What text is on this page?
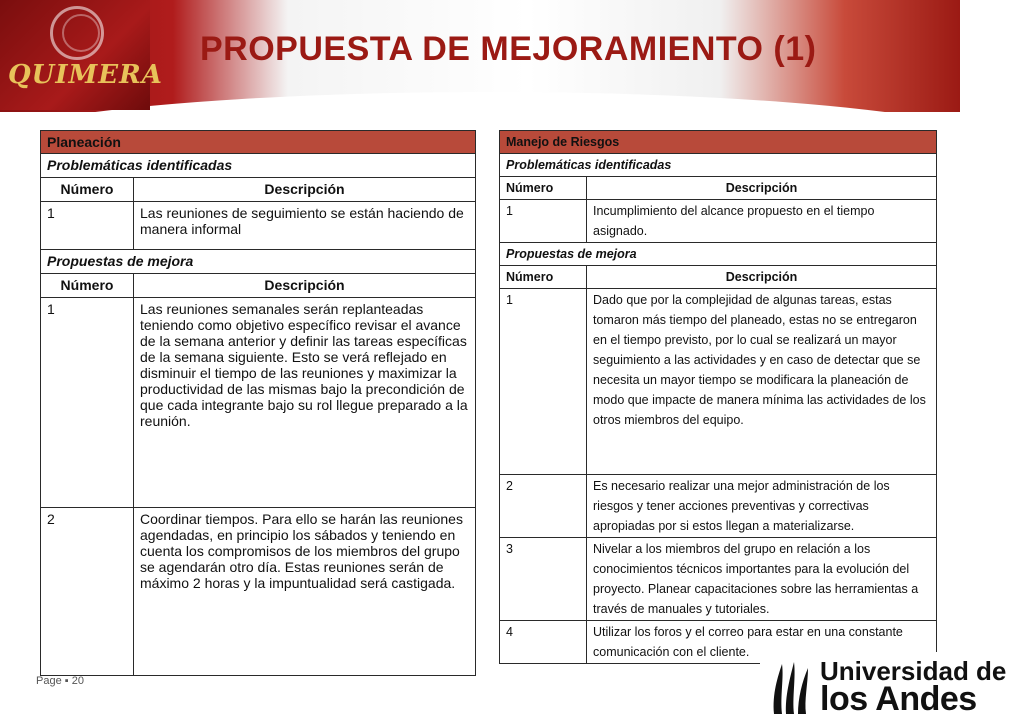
QUIMERA
PROPUESTA DE MEJORAMIENTO (1)
Planeación	
Problemáticas identificadas	
Número	Descripción
1	Las reuniones de seguimiento se están haciendo de manera informal
Propuestas de mejora	
Número	Descripción
1	Las reuniones semanales serán replanteadas teniendo como objetivo específico revisar el avance de la semana anterior y definir las tareas específicas de la semana siguiente. Esto se verá reflejado en disminuir el tiempo de las reuniones y maximizar la productividad de las mismas bajo la precondición de que cada integrante bajo su rol llegue preparado a la reunión.
2	Coordinar tiempos. Para ello se harán las reuniones agendadas, en principio los sábados y teniendo en cuenta los compromisos de los miembros del grupo se agendarán otro día. Estas reuniones serán de máximo 2 horas y la impuntualidad será castigada.
Manejo de Riesgos	
Problemáticas identificadas	
Número	Descripción
1	Incumplimiento del alcance propuesto en el tiempo asignado.
Propuestas de mejora	
Número	Descripción
1	Dado que por la complejidad de algunas tareas, estas tomaron más tiempo del planeado, estas no se entregaron en el tiempo previsto, por lo cual se realizará un mayor seguimiento a las actividades y en caso de detectar que se necesita un mayor tiempo se modificara la planeación de modo que impacte de manera mínima las actividades de los otros miembros del equipo.
2	Es necesario realizar una mejor administración de los riesgos y tener acciones preventivas y correctivas apropiadas por si estos llegan a materializarse.
3	Nivelar a los miembros del grupo en relación a los conocimientos técnicos importantes para la evolución del proyecto. Planear capacitaciones sobre las herramientas a través de manuales y tutoriales.
4	Utilizar los foros y el correo para estar en una constante comunicación con el cliente.
Page ▪ 20	Universidad de
los Andes
